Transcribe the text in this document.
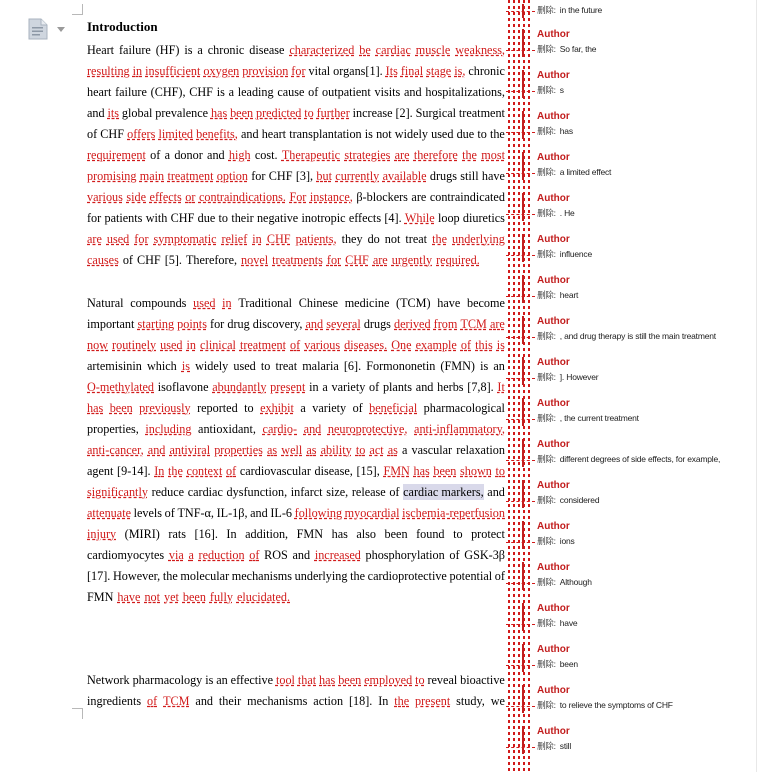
Introduction
Heart failure (HF) is a chronic disease characterized be cardiac muscle weakness,
resulting in insufficient oxygen provision for vital organs[1]. Its final stage is, chronic
heart failure (CHF), CHF is a leading cause of outpatient visits and hospitalizations,
and its global prevalence has been predicted to further increase [2]. Surgical treatment
of CHF offers limited benefits, and heart transplantation is not widely used due to the
requirement of a donor and high cost. Therapeutic strategies are therefore the most
promising main treatment option for CHF [3], but currently available drugs still have
various side effects or contraindications. For instance, β-blockers are contraindicated
for patients with CHF due to their negative inotropic effects [4]. While loop diuretics
are used for symptomatic relief in CHF patients, they do not treat the underlying
causes of CHF [5]. Therefore, novel treatments for CHF are urgently required.
Natural compounds used in Traditional Chinese medicine (TCM) have become
important starting points for drug discovery, and several drugs derived from TCM are
now routinely used in clinical treatment of various diseases. One example of this is
artemisinin which is widely used to treat malaria [6]. Formononetin (FMN) is an
O-methylated isoflavone abundantly present in a variety of plants and herbs [7,8]. It
has been previously reported to exhibit a variety of beneficial pharmacological
properties, including antioxidant, cardio- and neuroprotective, anti-inflammatory,
anti-cancer, and antiviral properties as well as ability to act as a vascular relaxation
agent [9-14]. In the context of cardiovascular disease, [15], FMN has been shown to
significantly reduce cardiac dysfunction, infarct size, release of cardiac markers, and
attenuate levels of TNF-α, IL-1β, and IL-6 following myocardial ischemia-reperfusion
injury (MIRI) rats [16]. In addition, FMN has also been found to protect
cardiomyocytes via a reduction of ROS and increased phosphorylation of GSK-3β
[17]. However, the molecular mechanisms underlying the cardioprotective potential of
FMN have not yet been fully elucidated.
Network pharmacology is an effective tool that has been employed to reveal bioactive
ingredients of TCM and their mechanisms action [18]. In the present study, we
删除: in the future
Author
删除: So far, the
Author
删除: s
Author
删除: has
Author
删除: a limited effect
Author
删除: . He
Author
删除: influence
Author
删除: heart
Author
删除: , and drug therapy is still the main treatment
Author
删除: ]. However
Author
删除: , the current treatment
Author
删除: different degrees of side effects, for example,
Author
删除: considered
Author
删除: ions
Author
删除: Although
Author
删除: have
Author
删除: been
Author
删除: to relieve the symptoms of CHF
Author
删除: still
